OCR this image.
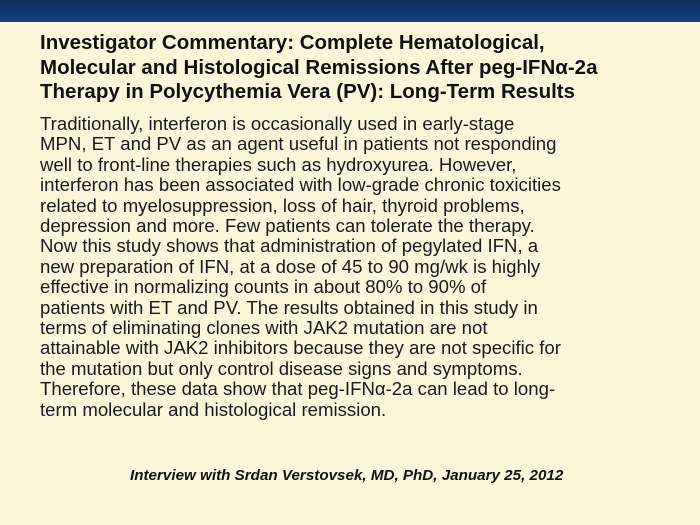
Investigator Commentary: Complete Hematological,
Molecular and Histological Remissions After peg-IFNα-2a
Therapy in Polycythemia Vera (PV): Long-Term Results
Traditionally, interferon is occasionally used in early-stage
MPN, ET and PV as an agent useful in patients not responding
well to front-line therapies such as hydroxyurea. However,
interferon has been associated with low-grade chronic toxicities
related to myelosuppression, loss of hair, thyroid problems,
depression and more. Few patients can tolerate the therapy.
Now this study shows that administration of pegylated IFN, a
new preparation of IFN, at a dose of 45 to 90 mg/wk is highly
effective in normalizing counts in about 80% to 90% of
patients with ET and PV. The results obtained in this study in
terms of eliminating clones with JAK2 mutation are not
attainable with JAK2 inhibitors because they are not specific for
the mutation but only control disease signs and symptoms.
Therefore, these data show that peg-IFNα-2a can lead to long-
term molecular and histological remission.

Interview with Srdan Verstovsek, MD, PhD, January 25, 2012
